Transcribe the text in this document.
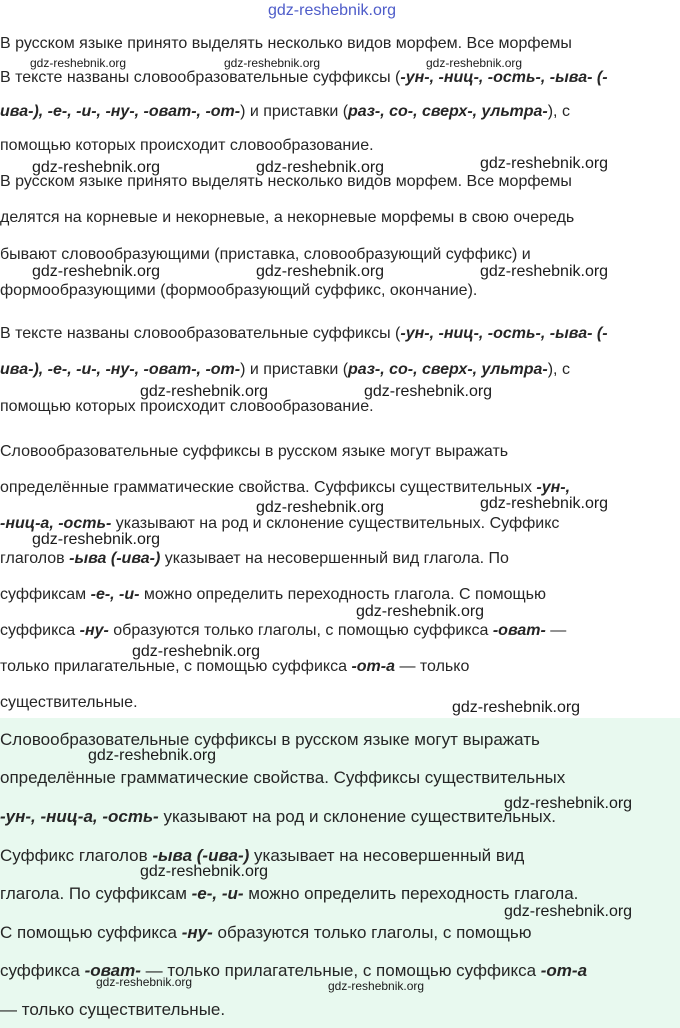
gdz-reshebnik.org
gdz-reshebnik.org	gdz-reshebnik.org	gdz-reshebnik.org
gdz-reshebnik.org	gdz-reshebnik.org	gdz-reshebnik.org
gdz-reshebnik.org	gdz-reshebnik.org	gdz-reshebnik.org
gdz-reshebnik.org	gdz-reshebnik.org
gdz-reshebnik.org	gdz-reshebnik.org
gdz-reshebnik.org
gdz-reshebnik.org
gdz-reshebnik.org
gdz-reshebnik.org
gdz-reshebnik.org
gdz-reshebnik.org
gdz-reshebnik.org
gdz-reshebnik.org
gdz-reshebnik.org	gdz-reshebnik.org
В русском языке принято выделять несколько видов морфем. Все морфемы
В тексте названы словообразовательные суффиксы (-ун-, -ниц-, -ость-, -ыва- (-
ива-), -е-, -и-, -ну-, -оват-, -от-) и приставки (раз-, со-, сверх-, ультра-), с
помощью которых происходит словообразование.
В русском языке принято выделять несколько видов морфем. Все морфемы
делятся на корневые и некорневые, а некорневые морфемы в свою очередь
бывают словообразующими (приставка, словообразующий суффикс) и
формообразующими (формообразующий суффикс, окончание).
В тексте названы словообразовательные суффиксы (-ун-, -ниц-, -ость-, -ыва- (-
ива-), -е-, -и-, -ну-, -оват-, -от-) и приставки (раз-, со-, сверх-, ультра-), с
помощью которых происходит словообразование.
Словообразовательные суффиксы в русском языке могут выражать
определённые грамматические свойства. Суффиксы существительных -ун-,
-ниц-а, -ость- указывают на род и склонение существительных. Суффикс
глаголов -ыва (-ива-) указывает на несовершенный вид глагола. По
суффиксам -е-, -и- можно определить переходность глагола. С помощью
суффикса -ну- образуются только глаголы, с помощью суффикса -оват- —
только прилагательные, с помощью суффикса -от-а — только
существительные.
Словообразовательные суффиксы в русском языке могут выражать
определённые грамматические свойства. Суффиксы существительных
-ун-, -ниц-а, -ость- указывают на род и склонение существительных.
Суффикс глаголов -ыва (-ива-) указывает на несовершенный вид
глагола. По суффиксам -е-, -и- можно определить переходность глагола.
С помощью суффикса -ну- образуются только глаголы, с помощью
суффикса -оват- — только прилагательные, с помощью суффикса -от-а
— только существительные.
